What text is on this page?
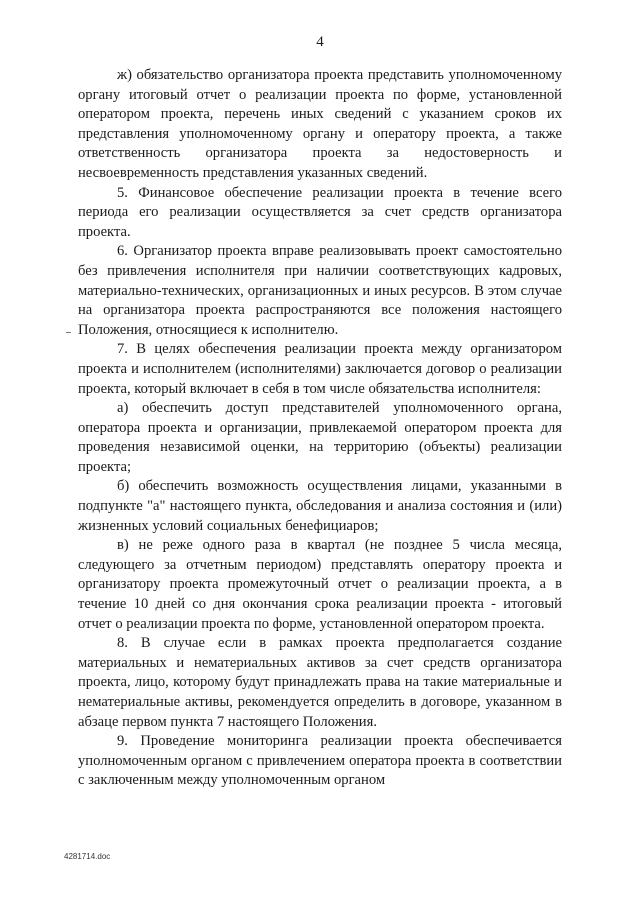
4

ж) обязательство организатора проекта представить уполномоченному органу итоговый отчет о реализации проекта по форме, установленной оператором проекта, перечень иных сведений с указанием сроков их представления уполномоченному органу и оператору проекта, а также ответственность организатора проекта за недостоверность и несвоевременность представления указанных сведений.

5. Финансовое обеспечение реализации проекта в течение всего периода его реализации осуществляется за счет средств организатора проекта.

6. Организатор проекта вправе реализовывать проект самостоятельно без привлечения исполнителя при наличии соответствующих кадровых, материально-технических, организационных и иных ресурсов. В этом случае на организатора проекта распространяются все положения настоящего Положения, относящиеся к исполнителю.

7. В целях обеспечения реализации проекта между организатором проекта и исполнителем (исполнителями) заключается договор о реализации проекта, который включает в себя в том числе обязательства исполнителя:

а) обеспечить доступ представителей уполномоченного органа, оператора проекта и организации, привлекаемой оператором проекта для проведения независимой оценки, на территорию (объекты) реализации проекта;

б) обеспечить возможность осуществления лицами, указанными в подпункте "а" настоящего пункта, обследования и анализа состояния и (или) жизненных условий социальных бенефициаров;

в) не реже одного раза в квартал (не позднее 5 числа месяца, следующего за отчетным периодом) представлять оператору проекта и организатору проекта промежуточный отчет о реализации проекта, а в течение 10 дней со дня окончания срока реализации проекта - итоговый отчет о реализации проекта по форме, установленной оператором проекта.

8. В случае если в рамках проекта предполагается создание материальных и нематериальных активов за счет средств организатора проекта, лицо, которому будут принадлежать права на такие материальные и нематериальные активы, рекомендуется определить в договоре, указанном в абзаце первом пункта 7 настоящего Положения.

9. Проведение мониторинга реализации проекта обеспечивается уполномоченным органом с привлечением оператора проекта в соответствии с заключенным между уполномоченным органом

4281714.doc
